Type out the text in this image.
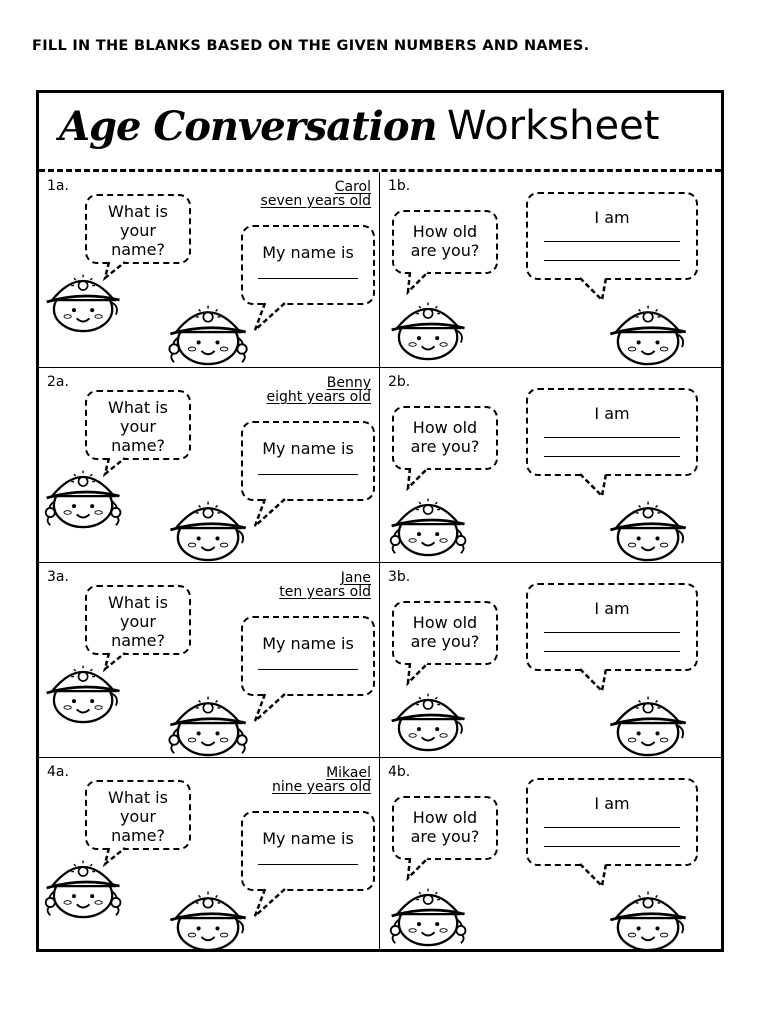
FILL IN THE BLANKS BASED ON THE GIVEN NUMBERS AND NAMES.
Age Conversation Worksheet
1a.	Carol
seven years old
What is
your
name?	My name is
1b.
How old
are you?
I am
2a.	Benny
eight years old
What is
your
name?	My name is
2b.
How old
are you?
I am
3a.	Jane
ten years old
What is
your
name?	My name is
3b.
How old
are you?
I am
4a.	Mikael
nine years old
What is
your
name?	My name is
4b.
How old
are you?
I am
